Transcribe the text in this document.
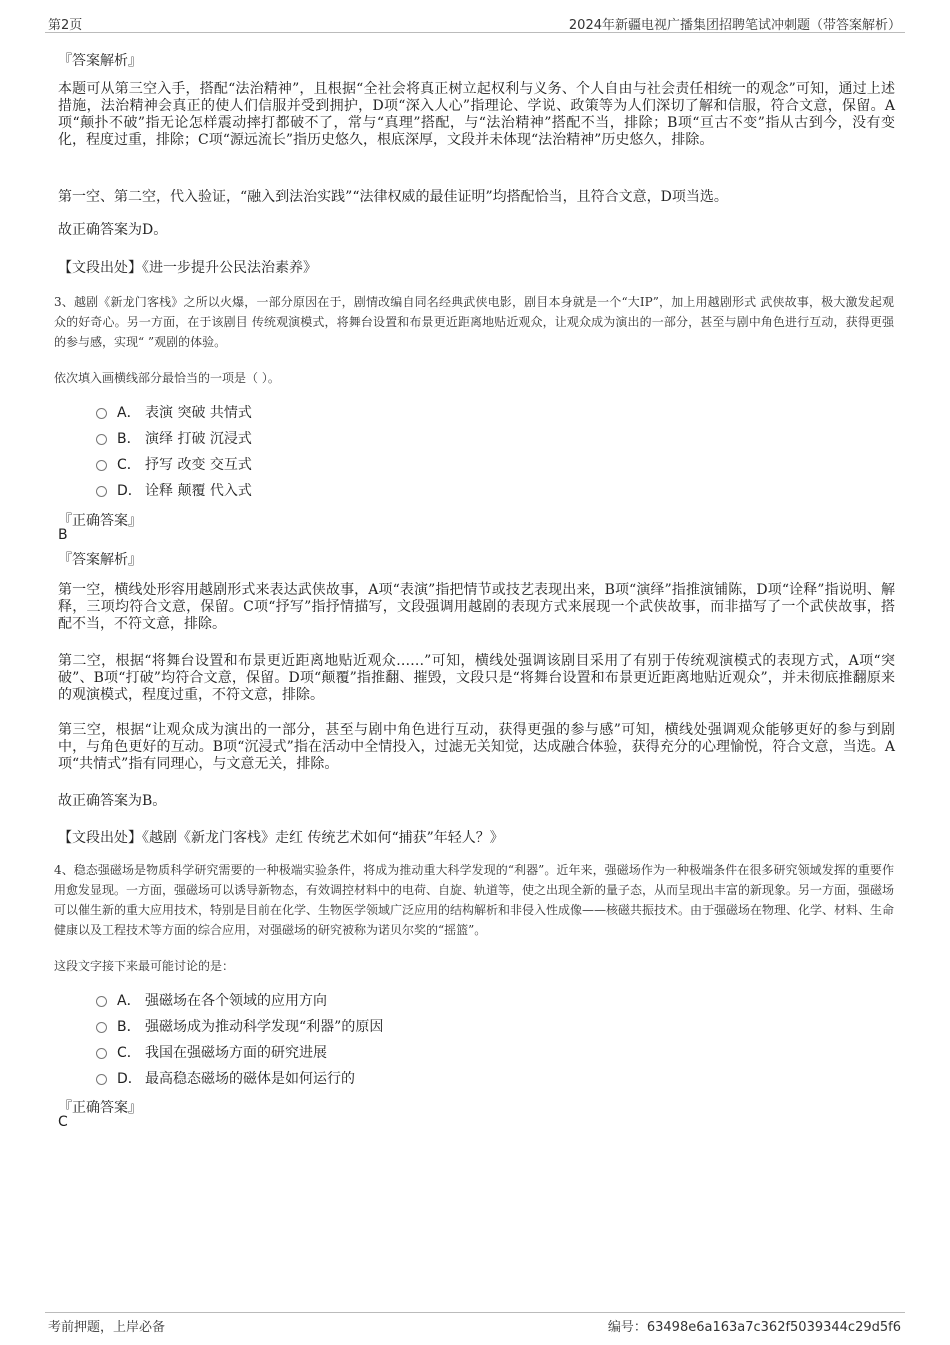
第2页	2024年新疆电视广播集团招聘笔试冲刺题（带答案解析）
『答案解析』
本题可从第三空入手，搭配“法治精神”，且根据“全社会将真正树立起权利与义务、个人自由与社会责任相统一的观念”可知，通过上述措施，法治精神会真正的使人们信服并受到拥护，D项“深入人心”指理论、学说、政策等为人们深切了解和信服，符合文意，保留。A项“颠扑不破”指无论怎样震动摔打都破不了，常与“真理”搭配，与“法治精神”搭配不当，排除；B项“亘古不变”指从古到今，没有变化，程度过重，排除；C项“源远流长”指历史悠久，根底深厚，文段并未体现“法治精神”历史悠久，排除。
第一空、第二空，代入验证，“融入到法治实践”“法律权威的最佳证明”均搭配恰当，且符合文意，D项当选。
故正确答案为D。
【文段出处】《进一步提升公民法治素养》
3、越剧《新龙门客栈》之所以火爆，一部分原因在于，剧情改编自同名经典武侠电影，剧目本身就是一个“大IP”，加上用越剧形式 武侠故事，极大激发起观众的好奇心。另一方面，在于该剧目 传统观演模式，将舞台设置和布景更近距离地贴近观众，让观众成为演出的一部分，甚至与剧中角色进行互动，获得更强的参与感，实现“ ”观剧的体验。
依次填入画横线部分最恰当的一项是（ ）。
A． 表演 突破 共情式
B． 演绎 打破 沉浸式
C． 抒写 改变 交互式
D． 诠释 颠覆 代入式
『正确答案』
B
『答案解析』
第一空，横线处形容用越剧形式来表达武侠故事，A项“表演”指把情节或技艺表现出来，B项“演绎”指推演铺陈，D项“诠释”指说明、解释，三项均符合文意，保留。C项“抒写”指抒情描写，文段强调用越剧的表现方式来展现一个武侠故事，而非描写了一个武侠故事，搭配不当，不符文意，排除。
第二空，根据“将舞台设置和布景更近距离地贴近观众……”可知，横线处强调该剧目采用了有别于传统观演模式的表现方式，A项“突破”、B项“打破”均符合文意，保留。D项“颠覆”指推翻、摧毁，文段只是“将舞台设置和布景更近距离地贴近观众”，并未彻底推翻原来的观演模式，程度过重，不符文意，排除。
第三空，根据“让观众成为演出的一部分，甚至与剧中角色进行互动，获得更强的参与感”可知，横线处强调观众能够更好的参与到剧中，与角色更好的互动。B项“沉浸式”指在活动中全情投入，过滤无关知觉，达成融合体验，获得充分的心理愉悦，符合文意，当选。A项“共情式”指有同理心，与文意无关，排除。
故正确答案为B。
【文段出处】《越剧《新龙门客栈》走红 传统艺术如何“捕获”年轻人？》
4、稳态强磁场是物质科学研究需要的一种极端实验条件，将成为推动重大科学发现的“利器”。近年来，强磁场作为一种极端条件在很多研究领域发挥的重要作用愈发显现。一方面，强磁场可以诱导新物态，有效调控材料中的电荷、自旋、轨道等，使之出现全新的量子态，从而呈现出丰富的新现象。另一方面，强磁场可以催生新的重大应用技术，特别是目前在化学、生物医学领域广泛应用的结构解析和非侵入性成像——核磁共振技术。由于强磁场在物理、化学、材料、生命健康以及工程技术等方面的综合应用，对强磁场的研究被称为诺贝尔奖的“摇篮”。
这段文字接下来最可能讨论的是：
A． 强磁场在各个领域的应用方向
B． 强磁场成为推动科学发现“利器”的原因
C． 我国在强磁场方面的研究进展
D． 最高稳态磁场的磁体是如何运行的
『正确答案』
C
考前押题，上岸必备	编号：63498e6a163a7c362f5039344c29d5f6
